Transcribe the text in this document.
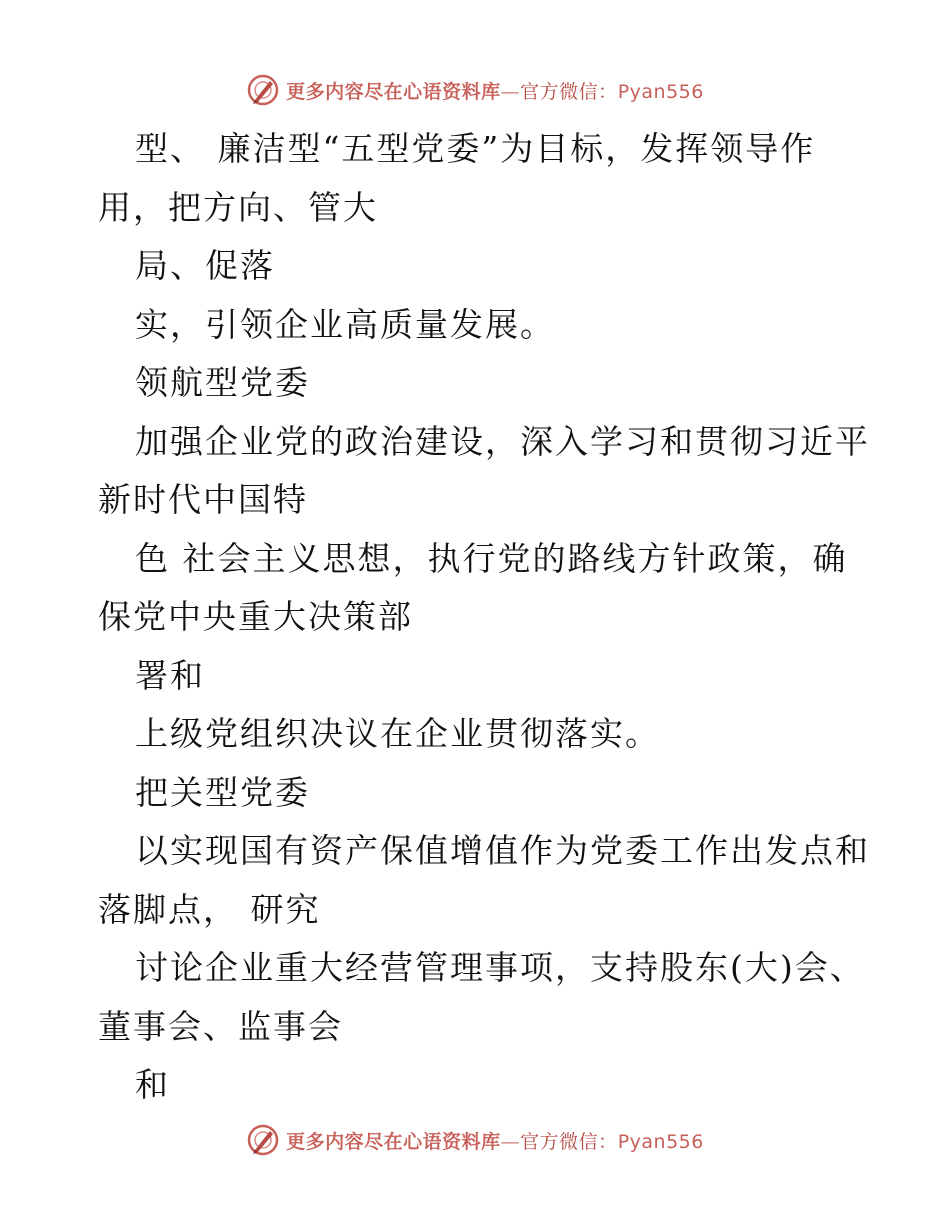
更多内容尽在心语资料库—官方微信：Pyan556
型、 廉洁型“五型党委”为目标，发挥领导作
用，把方向、管大
局、促落
实，引领企业高质量发展。
领航型党委
加强企业党的政治建设，深入学习和贯彻习近平
新时代中国特
色 社会主义思想，执行党的路线方针政策，确
保党中央重大决策部
署和
上级党组织决议在企业贯彻落实。
把关型党委
以实现国有资产保值增值作为党委工作出发点和
落脚点， 研究
讨论企业重大经营管理事项，支持股东(大)会、
董事会、监事会
和
更多内容尽在心语资料库—官方微信：Pyan556
